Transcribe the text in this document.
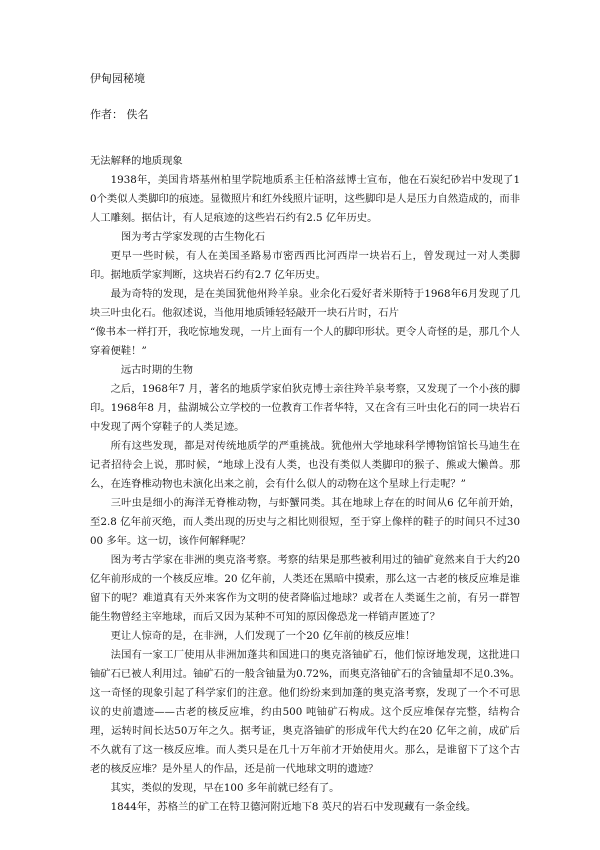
伊甸园秘境
作者： 佚名

无法解释的地质现象

1938年，美国肯塔基州柏里学院地质系主任柏洛兹博士宣布，他在石炭纪砂岩中发现了10个类似人类脚印的痕迹。显微照片和红外线照片证明，这些脚印是人是压力自然造成的，而非人工雕刻。据估计，有人足痕迹的这些岩石约有2.5 亿年历史。

图为考古学家发现的古生物化石

更早一些时候，有人在美国圣路易市密西西比河西岸一块岩石上，曾发现过一对人类脚印。据地质学家判断，这块岩石约有2.7 亿年历史。

最为奇特的发现，是在美国犹他州羚羊泉。业余化石爱好者米斯特于1968年6月发现了几块三叶虫化石。他叙述说，当他用地质锤轻轻敲开一块石片时，石片

“像书本一样打开，我吃惊地发现，一片上面有一个人的脚印形状。更令人奇怪的是，那几个人穿着便鞋！”

远古时期的生物

之后，1968年7 月，著名的地质学家伯狄克博士亲往羚羊泉考察，又发现了一个小孩的脚印。1968年8 月，盐湖城公立学校的一位教育工作者华特，又在含有三叶虫化石的同一块岩石中发现了两个穿鞋子的人类足迹。

所有这些发现，都是对传统地质学的严重挑战。犹他州大学地球科学博物馆馆长马迪生在记者招待会上说，那时候，“地球上没有人类，也没有类似人类脚印的猴子、熊或大懒兽。那么，在连脊椎动物也未演化出来之前，会有什么似人的动物在这个星球上行走呢？”

三叶虫是细小的海洋无脊椎动物，与虾蟹同类。其在地球上存在的时间从6 亿年前开始，至2.8 亿年前灭绝，而人类出现的历史与之相比则很短，至于穿上像样的鞋子的时间只不过3000 多年。这一切，该作何解释呢？

图为考古学家在非洲的奥克洛考察。考察的结果是那些被利用过的铀矿竟然来自于大约20 亿年前形成的一个核反应堆。20 亿年前，人类还在黑暗中摸索，那么这一古老的核反应堆是谁留下的呢？难道真有天外来客作为文明的使者降临过地球？或者在人类诞生之前，有另一群智能生物曾经主宰地球，而后又因为某种不可知的原因像恐龙一样销声匿迹了？

更让人惊奇的是，在非洲，人们发现了一个20 亿年前的核反应堆！

法国有一家工厂使用从非洲加蓬共和国进口的奥克洛铀矿石，他们惊讶地发现，这批进口铀矿石已被人利用过。铀矿石的一般含铀量为0.72%，而奥克洛铀矿石的含铀量却不足0.3%。这一奇怪的现象引起了科学家们的注意。他们纷纷来到加蓬的奥克洛考察，发现了一个不可思议的史前遗迹——古老的核反应堆，约由500 吨铀矿石构成。这个反应堆保存完整，结构合理，运转时间长达50万年之久。据考证，奥克洛铀矿的形成年代大约在20 亿年之前，成矿后不久就有了这一核反应堆。而人类只是在几十万年前才开始使用火。那么，是谁留下了这个古老的核反应堆？是外星人的作品，还是前一代地球文明的遗迹？

其实，类似的发现，早在100 多年前就已经有了。

1844年，苏格兰的矿工在特卫德河附近地下8 英尺的岩石中发现藏有一条金线。
